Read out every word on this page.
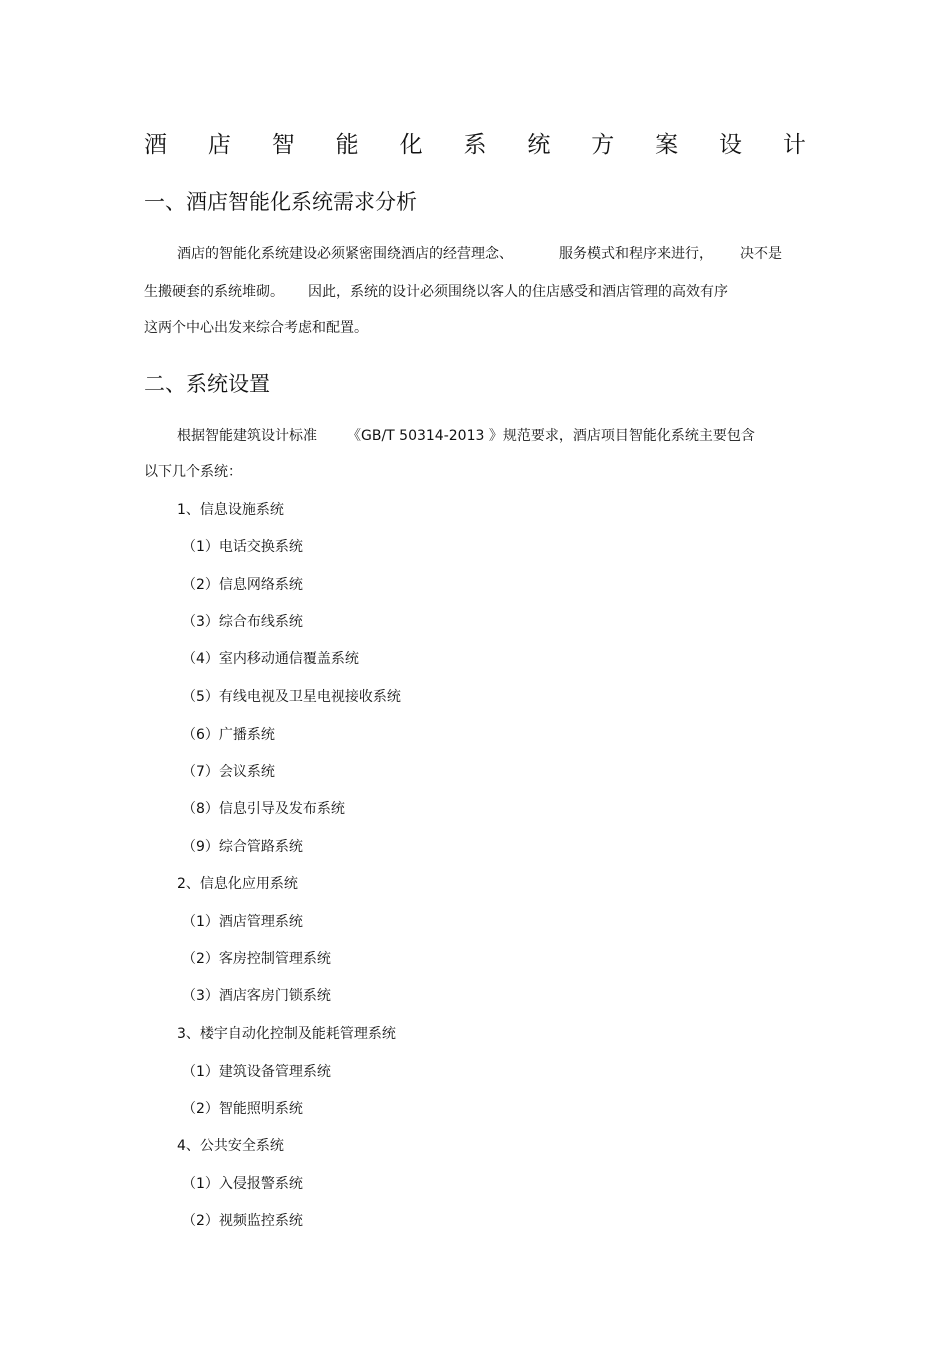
酒 店 智 能 化 系 统 方 案 设 计
一、酒店智能化系统需求分析
酒店的智能化系统建设必须紧密围绕酒店的经营理念、	服务模式和程序来进行， 决不是
生搬硬套的系统堆砌。 因此，系统的设计必须围绕以客人的住店感受和酒店管理的高效有序
这两个中心出发来综合考虑和配置。
二、系统设置
根据智能建筑设计标准 《GB/T 50314-2013 》规范要求，酒店项目智能化系统主要包含
以下几个系统：
1、信息设施系统
（1）电话交换系统
（2）信息网络系统
（3）综合布线系统
（4）室内移动通信覆盖系统
（5）有线电视及卫星电视接收系统
（6）广播系统
（7）会议系统
（8）信息引导及发布系统
（9）综合管路系统
2、信息化应用系统
（1）酒店管理系统
（2）客房控制管理系统
（3）酒店客房门锁系统
3、楼宇自动化控制及能耗管理系统
（1）建筑设备管理系统
（2）智能照明系统
4、公共安全系统
（1）入侵报警系统
（2）视频监控系统
